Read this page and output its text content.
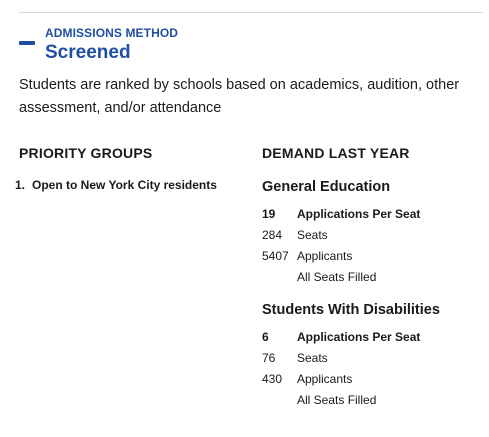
ADMISSIONS METHOD
Screened
Students are ranked by schools based on academics, audition, other assessment, and/or attendance
PRIORITY GROUPS
1. Open to New York City residents
DEMAND LAST YEAR
General Education
19	Applications Per Seat
284	Seats
5407 Applicants
All Seats Filled
Students With Disabilities
6	Applications Per Seat
76	Seats
430	Applicants
All Seats Filled
